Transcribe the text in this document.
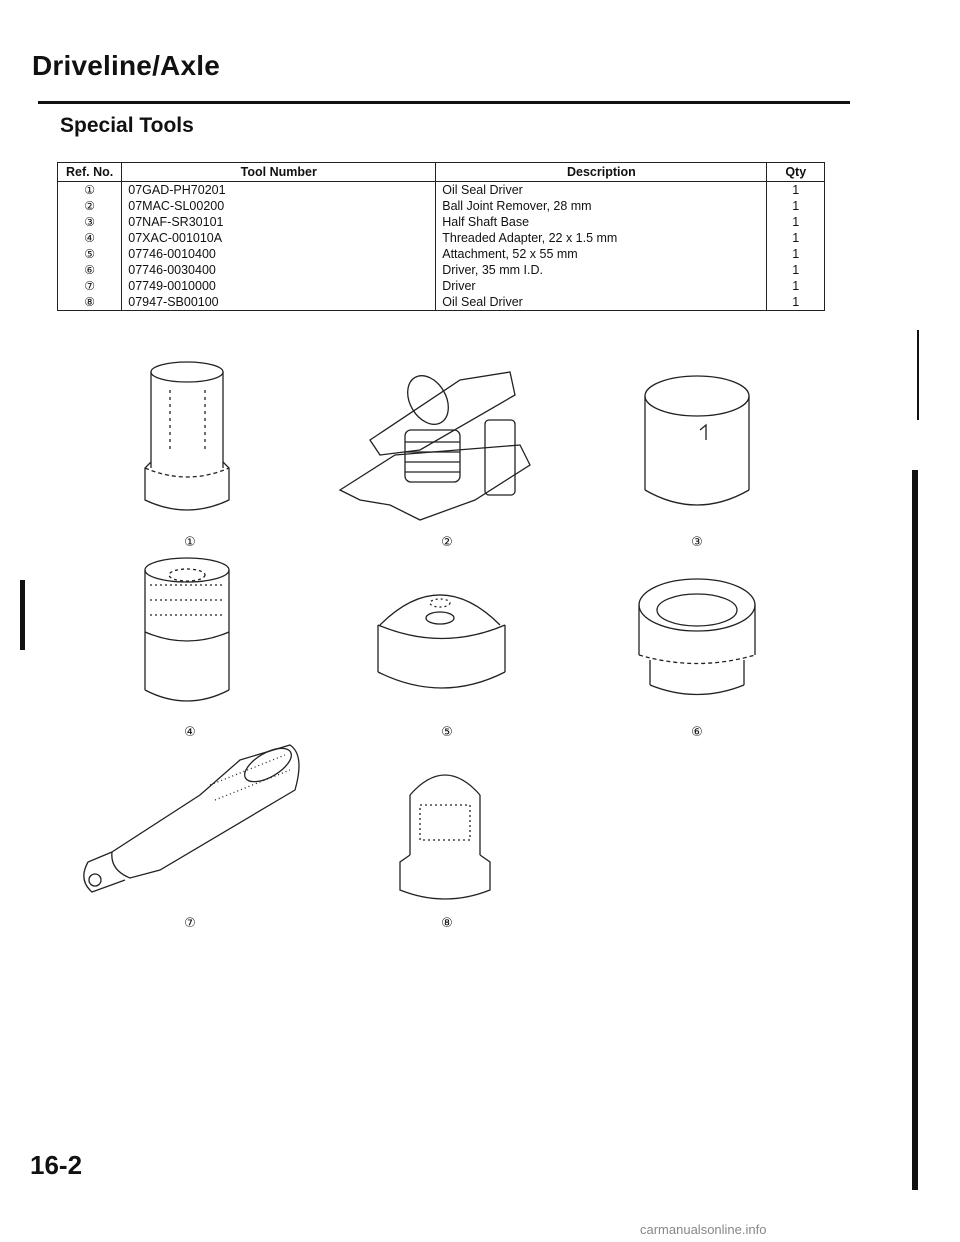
Driveline/Axle
Special Tools
Ref. No.	Tool Number	Description	Qty
①	07GAD-PH70201	Oil Seal Driver	1
②	07MAC-SL00200	Ball Joint Remover, 28 mm	1
③	07NAF-SR30101	Half Shaft Base	1
④	07XAC-001010A	Threaded Adapter, 22 x 1.5 mm	1
⑤	07746-0010400	Attachment, 52 x 55 mm	1
⑥	07746-0030400	Driver, 35 mm I.D.	1
⑦	07749-0010000	Driver	1
⑧	07947-SB00100	Oil Seal Driver	1
①	②	③
④	⑤	⑥
⑦	⑧
16-2
carmanualsonline.info
